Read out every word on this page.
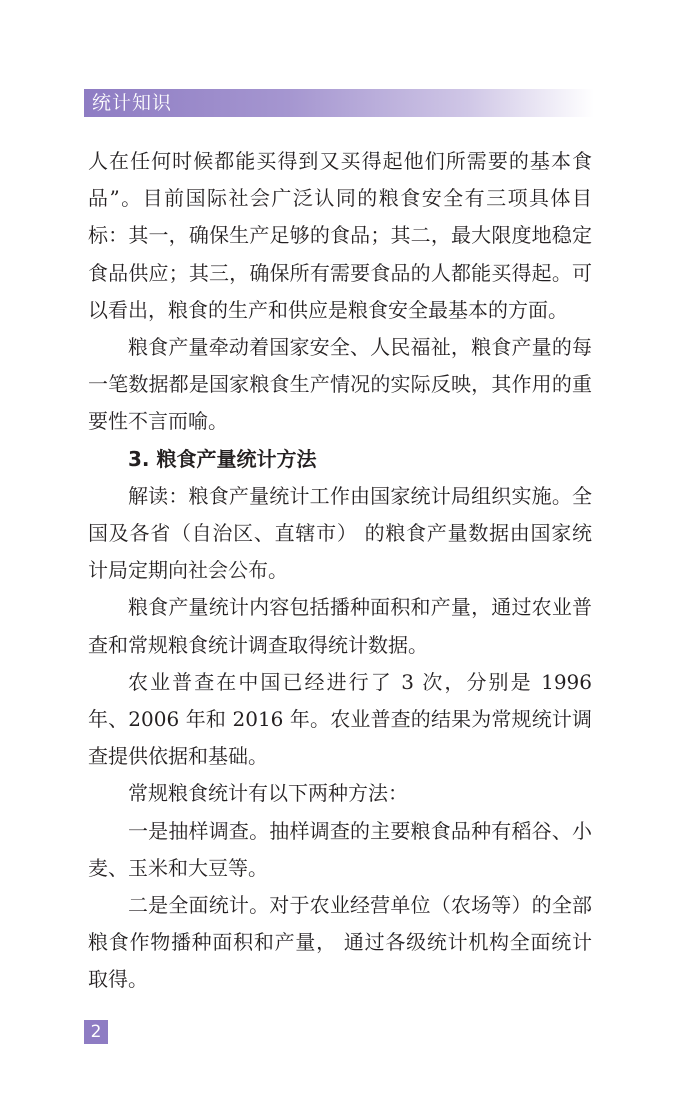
统计知识

人在任何时候都能买得到又买得起他们所需要的基本食品”。目前国际社会广泛认同的粮食安全有三项具体目标：其一，确保生产足够的食品；其二，最大限度地稳定食品供应；其三，确保所有需要食品的人都能买得起。可以看出，粮食的生产和供应是粮食安全最基本的方面。

粮食产量牵动着国家安全、人民福祉，粮食产量的每一笔数据都是国家粮食生产情况的实际反映，其作用的重要性不言而喻。

3. 粮食产量统计方法

解读：粮食产量统计工作由国家统计局组织实施。全国及各省（自治区、直辖市） 的粮食产量数据由国家统计局定期向社会公布。

粮食产量统计内容包括播种面积和产量，通过农业普查和常规粮食统计调查取得统计数据。

农业普查在中国已经进行了 3 次，分别是 1996 年、2006 年和 2016 年。农业普查的结果为常规统计调查提供依据和基础。

常规粮食统计有以下两种方法：

一是抽样调查。抽样调查的主要粮食品种有稻谷、小麦、玉米和大豆等。

二是全面统计。对于农业经营单位（农场等）的全部粮食作物播种面积和产量， 通过各级统计机构全面统计取得。

2
